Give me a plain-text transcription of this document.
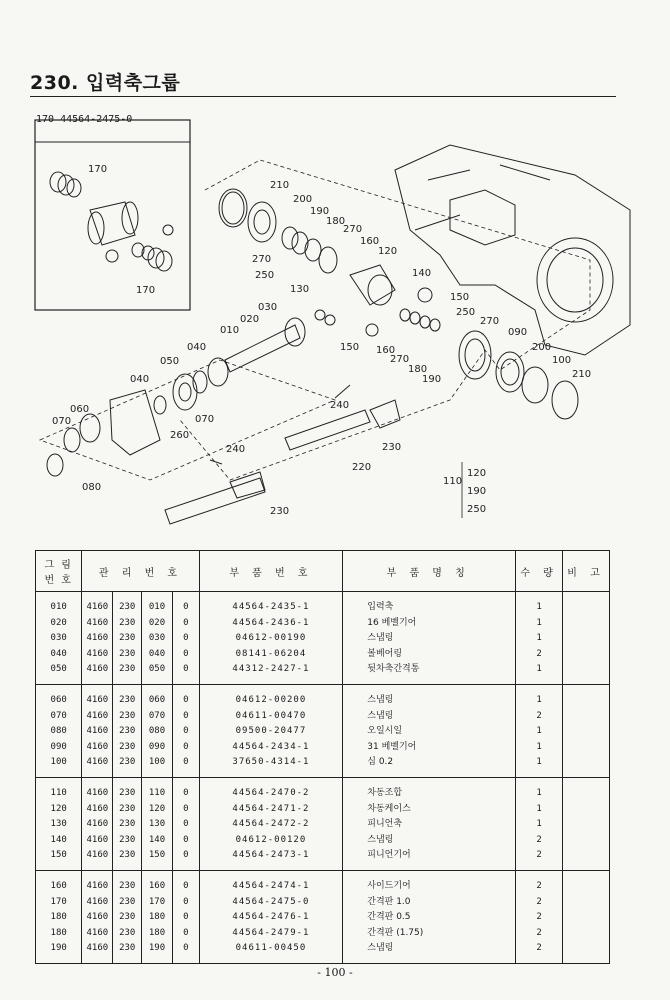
230. 입력축그룹
170
170
210
200
190
180
270
160
120
270
250	140
130
150
030
020
250
270
090
200
100
210
010
150 160
270
180
190
040
050
040
060
070	070
260
240
230
240
220
080
230
110
120
190
250
170 44564-2475-0
그 림
번 호	관 리 번 호				부 품 번 호	부 품 명 칭	수 량	비 고
010	4160	230	010	0	44564-2435-1	입력축	1	
020	4160	230	020	0	44564-2436-1	16 베벨기어	1	
030	4160	230	030	0	04612-00190	스냅링	1	
040	4160	230	040	0	08141-06204	볼베어링	2	
050	4160	230	050	0	44312-2427-1	뒷차축간격통	1	
060	4160	230	060	0	04612-00200	스냅링	1	
070	4160	230	070	0	04611-00470	스냅링	2	
080	4160	230	080	0	09500-20477	오일시일	1	
090	4160	230	090	0	44564-2434-1	31 베벨기어	1	
100	4160	230	100	0	37650-4314-1	심 0.2	1	
110	4160	230	110	0	44564-2470-2	차동조합	1	
120	4160	230	120	0	44564-2471-2	차동케이스	1	
130	4160	230	130	0	44564-2472-2	피니언축	1	
140	4160	230	140	0	04612-00120	스냅링	2	
150	4160	230	150	0	44564-2473-1	피니언기어	2	
160	4160	230	160	0	44564-2474-1	사이드기어	2	
170	4160	230	170	0	44564-2475-0	간격판 1.0	2	
180	4160	230	180	0	44564-2476-1	간격판 0.5	2	
180	4160	230	180	0	44564-2479-1	간격판 (1.75)	2	
190	4160	230	190	0	04611-00450	스냅링	2	
- 100 -
